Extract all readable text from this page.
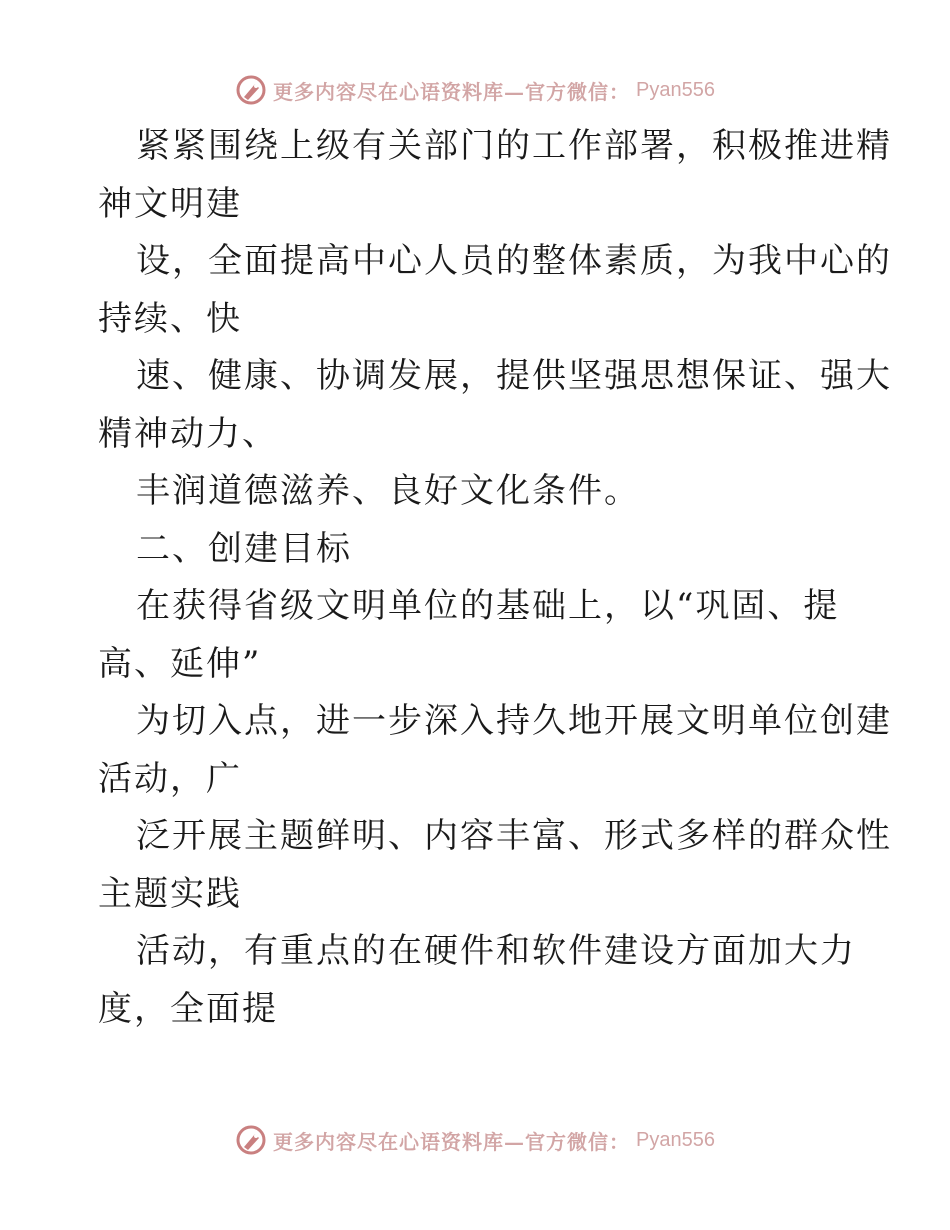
更多内容尽在心语资料库—官方微信： Pyan556
紧紧围绕上级有关部门的工作部署，积极推进精
神文明建
设，全面提高中心人员的整体素质，为我中心的
持续、快
速、健康、协调发展，提供坚强思想保证、强大
精神动力、
丰润道德滋养、良好文化条件。
二、创建目标
在获得省级文明单位的基础上，以“巩固、提
高、延伸”
为切入点，进一步深入持久地开展文明单位创建
活动，广
泛开展主题鲜明、内容丰富、形式多样的群众性
主题实践
活动，有重点的在硬件和软件建设方面加大力
度，全面提
更多内容尽在心语资料库—官方微信： Pyan556
